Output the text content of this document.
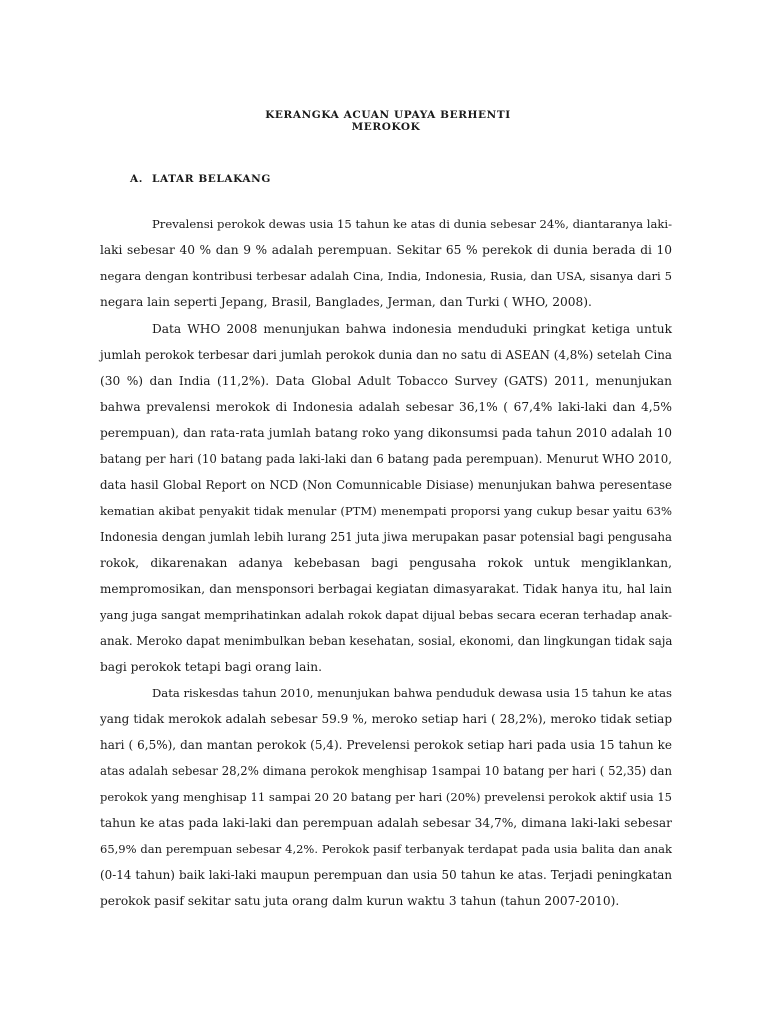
KERANGKA ACUAN UPAYA BERHENTI
MEROKOK
A. LATAR BELAKANG
Prevalensi perokok dewas usia 15 tahun ke atas di dunia sebesar 24%, diantaranya laki-
laki sebesar 40 % dan 9 % adalah perempuan. Sekitar 65 % perekok di dunia berada di 10
negara dengan kontribusi terbesar adalah Cina, India, Indonesia, Rusia, dan USA, sisanya dari 5
negara lain seperti Jepang, Brasil, Banglades, Jerman, dan Turki ( WHO, 2008).
Data WHO 2008 menunjukan bahwa indonesia menduduki pringkat ketiga untuk
jumlah perokok terbesar dari jumlah perokok dunia dan no satu di ASEAN (4,8%) setelah Cina
(30 %) dan India (11,2%). Data Global Adult Tobacco Survey (GATS) 2011, menunjukan
bahwa prevalensi merokok di Indonesia adalah sebesar 36,1% ( 67,4% laki-laki dan 4,5%
perempuan), dan rata-rata jumlah batang roko yang dikonsumsi pada tahun 2010 adalah 10
batang per hari (10 batang pada laki-laki dan 6 batang pada perempuan). Menurut WHO 2010,
data hasil Global Report on NCD (Non Comunnicable Disiase) menunjukan bahwa peresentase
kematian akibat penyakit tidak menular (PTM) menempati proporsi yang cukup besar yaitu 63%
Indonesia dengan jumlah lebih lurang 251 juta jiwa merupakan pasar potensial bagi pengusaha
rokok, dikarenakan adanya kebebasan bagi pengusaha rokok untuk mengiklankan,
mempromosikan, dan mensponsori berbagai kegiatan dimasyarakat. Tidak hanya itu, hal lain
yang juga sangat memprihatinkan adalah rokok dapat dijual bebas secara eceran terhadap anak-
anak. Meroko dapat menimbulkan beban kesehatan, sosial, ekonomi, dan lingkungan tidak saja
bagi perokok tetapi bagi orang lain.
Data riskesdas tahun 2010, menunjukan bahwa penduduk dewasa usia 15 tahun ke atas
yang tidak merokok adalah sebesar 59.9 %, meroko setiap hari ( 28,2%), meroko tidak setiap
hari ( 6,5%), dan mantan perokok (5,4). Prevelensi perokok setiap hari pada usia 15 tahun ke
atas adalah sebesar 28,2% dimana perokok menghisap 1sampai 10 batang per hari ( 52,35) dan
perokok yang menghisap 11 sampai 20 20 batang per hari (20%) prevelensi perokok aktif usia 15
tahun ke atas pada laki-laki dan perempuan adalah sebesar 34,7%, dimana laki-laki sebesar
65,9% dan perempuan sebesar 4,2%. Perokok pasif terbanyak terdapat pada usia balita dan anak
(0-14 tahun) baik laki-laki maupun perempuan dan usia 50 tahun ke atas. Terjadi peningkatan
perokok pasif sekitar satu juta orang dalm kurun waktu 3 tahun (tahun 2007-2010).
